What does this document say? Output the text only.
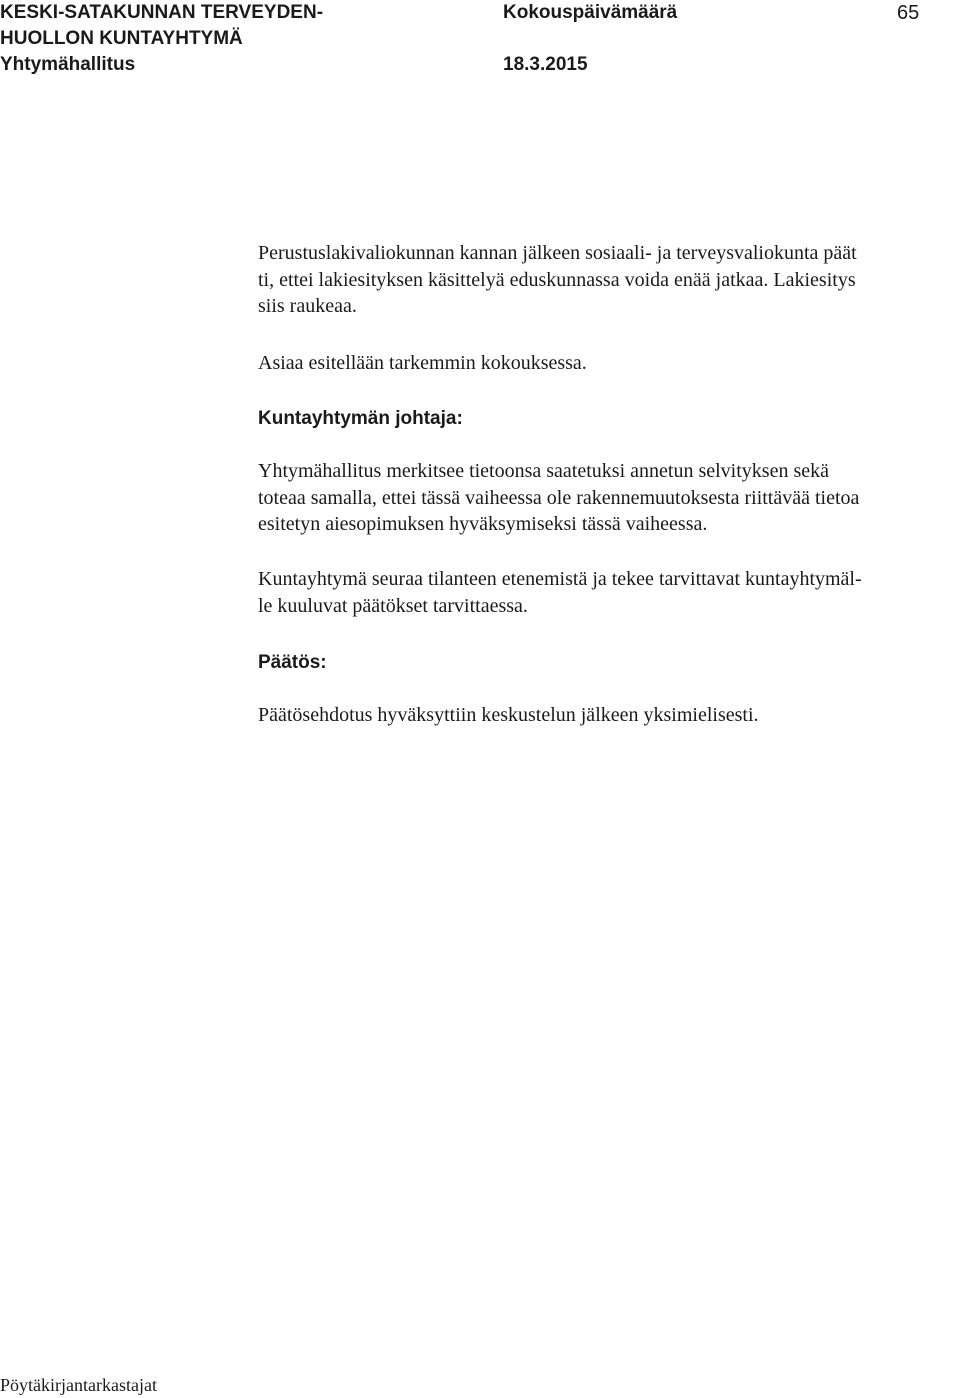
KESKI-SATAKUNNAN TERVEYDEN-
HUOLLON KUNTAYHTYMÄ
Yhtymähallitus
Kokouspäivämäärä
18.3.2015
65

Perustuslakivaliokunnan kannan jälkeen sosiaali- ja terveysvaliokunta päät

ti, ettei lakiesityksen käsittelyä eduskunnassa voida enää jatkaa. Lakiesitys

siis raukeaa.

Asiaa esitellään tarkemmin kokouksessa.

Kuntayhtymän johtaja:

Yhtymähallitus merkitsee tietoonsa saatetuksi annetun selvityksen sekä

toteaa samalla, ettei tässä vaiheessa ole rakennemuutoksesta riittävää tietoa

esitetyn aiesopimuksen hyväksymiseksi tässä vaiheessa.

Kuntayhtymä seuraa tilanteen etenemistä ja tekee tarvittavat kuntayhtymäl-

le kuuluvat päätökset tarvittaessa.

Päätös:

Päätösehdotus hyväksyttiin keskustelun jälkeen yksimielisesti.

Pöytäkirjantarkastajat
